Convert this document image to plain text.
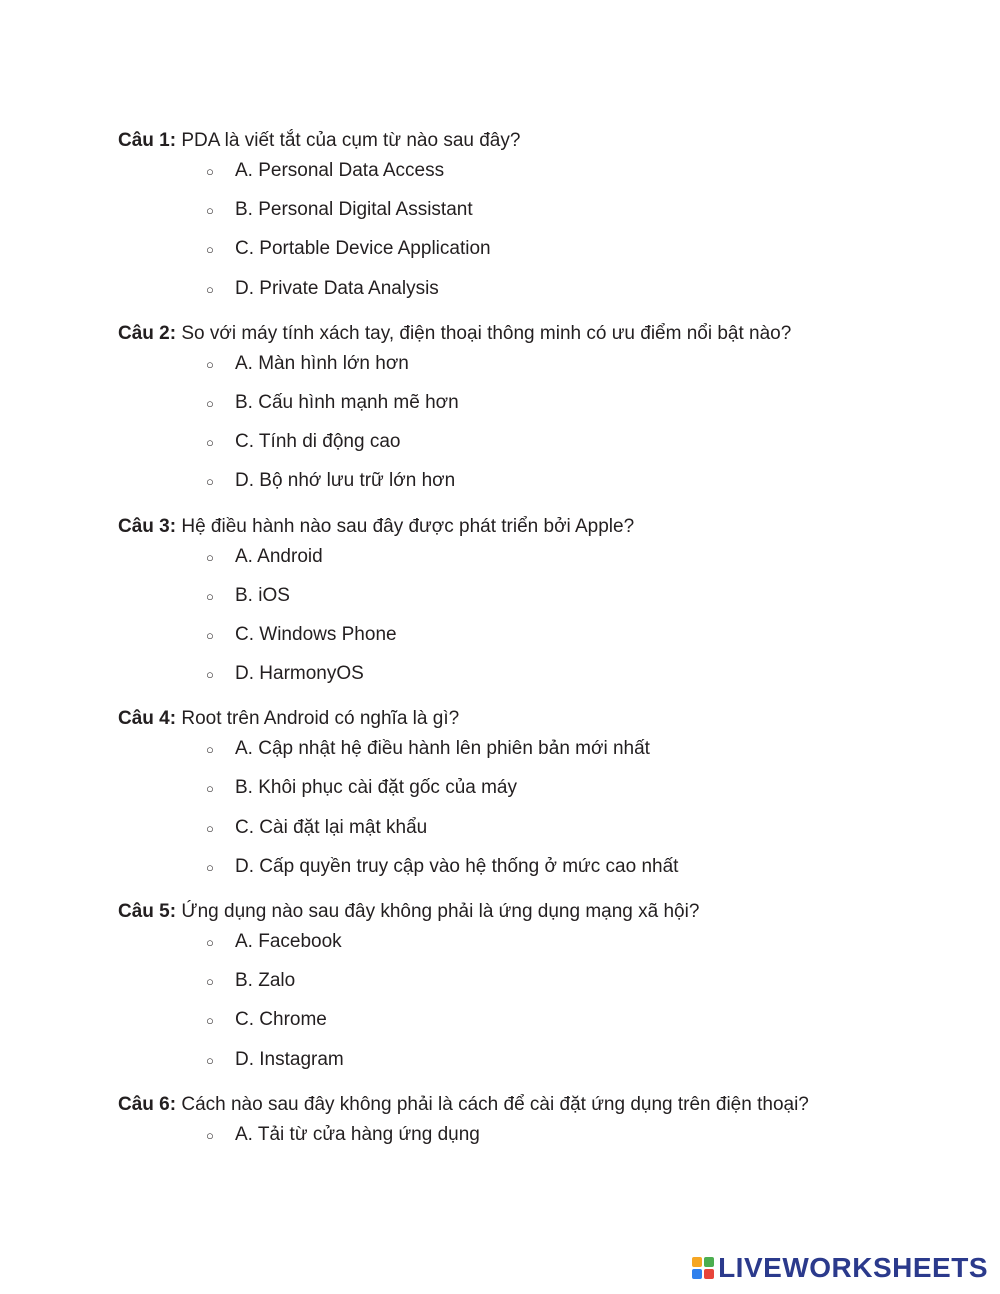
Câu 1: PDA là viết tắt của cụm từ nào sau đây?

○ A. Personal Data Access
○ B. Personal Digital Assistant
○ C. Portable Device Application
○ D. Private Data Analysis

Câu 2: So với máy tính xách tay, điện thoại thông minh có ưu điểm nổi bật nào?

○ A. Màn hình lớn hơn
○ B. Cấu hình mạnh mẽ hơn
○ C. Tính di động cao
○ D. Bộ nhớ lưu trữ lớn hơn

Câu 3: Hệ điều hành nào sau đây được phát triển bởi Apple?

○ A. Android
○ B. iOS
○ C. Windows Phone
○ D. HarmonyOS

Câu 4: Root trên Android có nghĩa là gì?

○ A. Cập nhật hệ điều hành lên phiên bản mới nhất
○ B. Khôi phục cài đặt gốc của máy
○ C. Cài đặt lại mật khẩu
○ D. Cấp quyền truy cập vào hệ thống ở mức cao nhất

Câu 5: Ứng dụng nào sau đây không phải là ứng dụng mạng xã hội?

○ A. Facebook
○ B. Zalo
○ C. Chrome
○ D. Instagram

Câu 6: Cách nào sau đây không phải là cách để cài đặt ứng dụng trên điện thoại?

○ A. Tải từ cửa hàng ứng dụng
LIVEWORKSHEETS
